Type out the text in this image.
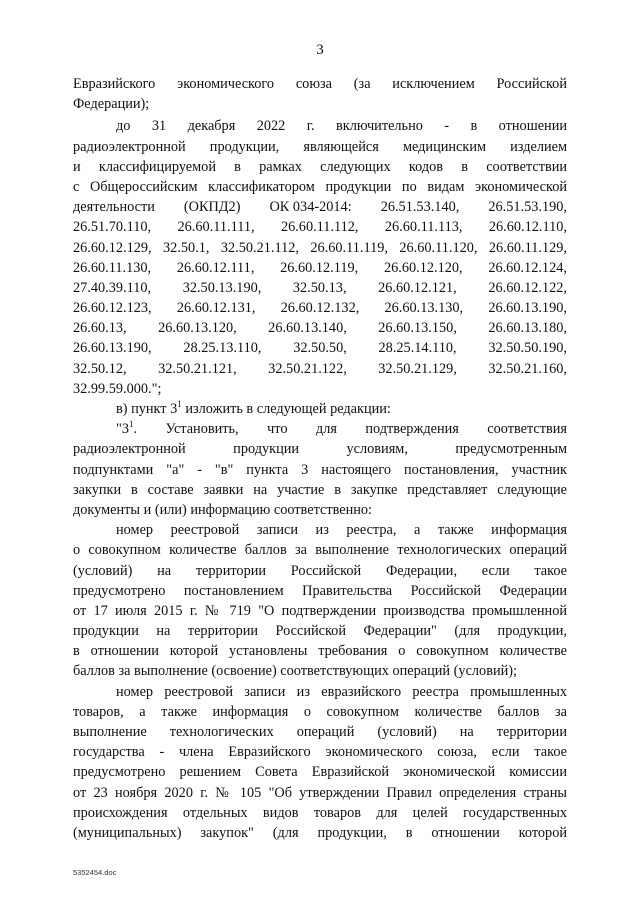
3
Евразийского экономического союза (за исключением Российской
Федерации);
до 31 декабря 2022 г. включительно - в отношении
радиоэлектронной продукции, являющейся медицинским изделием
и классифицируемой в рамках следующих кодов в соответствии
с Общероссийским классификатором продукции по видам экономической
деятельности (ОКПД2) ОК 034-2014: 26.51.53.140, 26.51.53.190,
26.51.70.110, 26.60.11.111, 26.60.11.112, 26.60.11.113, 26.60.12.110,
26.60.12.129, 32.50.1, 32.50.21.112, 26.60.11.119, 26.60.11.120, 26.60.11.129,
26.60.11.130, 26.60.12.111, 26.60.12.119, 26.60.12.120, 26.60.12.124,
27.40.39.110, 32.50.13.190, 32.50.13, 26.60.12.121, 26.60.12.122,
26.60.12.123, 26.60.12.131, 26.60.12.132, 26.60.13.130, 26.60.13.190,
26.60.13, 26.60.13.120, 26.60.13.140, 26.60.13.150, 26.60.13.180,
26.60.13.190, 28.25.13.110, 32.50.50, 28.25.14.110, 32.50.50.190,
32.50.12, 32.50.21.121, 32.50.21.122, 32.50.21.129, 32.50.21.160,
32.99.59.000.";
в) пункт $3^1$ изложить в следующей редакции:
"$3^1$. Установить, что для подтверждения соответствия
радиоэлектронной продукции условиям, предусмотренным
подпунктами "а" - "в" пункта 3 настоящего постановления, участник
закупки в составе заявки на участие в закупке представляет следующие
документы и (или) информацию соответственно:
номер реестровой записи из реестра, а также информация
о совокупном количестве баллов за выполнение технологических операций
(условий) на территории Российской Федерации, если такое
предусмотрено постановлением Правительства Российской Федерации
от 17 июля 2015 г. № 719 "О подтверждении производства промышленной
продукции на территории Российской Федерации" (для продукции,
в отношении которой установлены требования о совокупном количестве
баллов за выполнение (освоение) соответствующих операций (условий);
номер реестровой записи из евразийского реестра промышленных
товаров, а также информация о совокупном количестве баллов за
выполнение технологических операций (условий) на территории
государства - члена Евразийского экономического союза, если такое
предусмотрено решением Совета Евразийской экономической комиссии
от 23 ноября 2020 г. № 105 "Об утверждении Правил определения страны
происхождения отдельных видов товаров для целей государственных
(муниципальных) закупок" (для продукции, в отношении которой
5352454.doc
